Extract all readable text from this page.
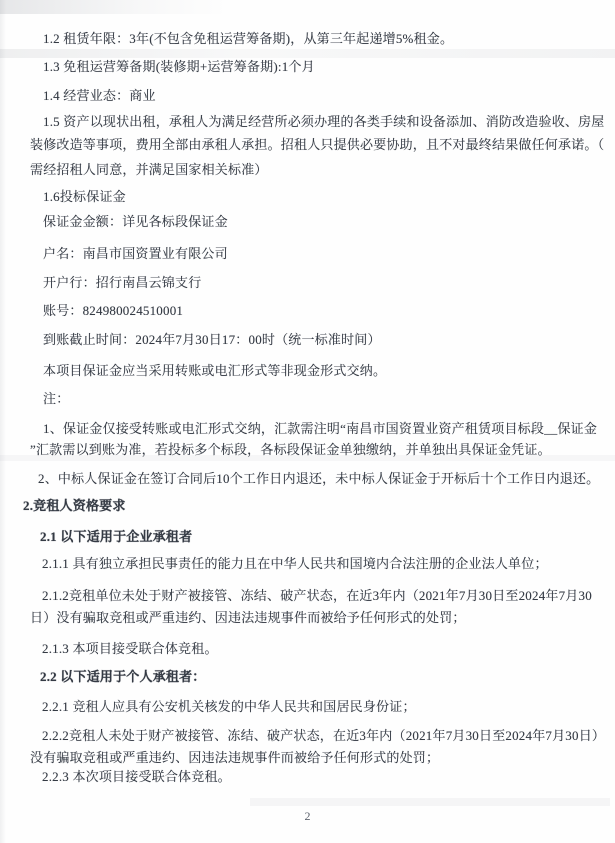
1.2 租赁年限：3年(不包含免租运营筹备期)，从第三年起递增5%租金。
1.3 免租运营筹备期(装修期+运营筹备期):1个月
1.4 经营业态：商业
1.5 资产以现状出租，承租人为满足经营所必须办理的各类手续和设备添加、消防改造验收、房屋
装修改造等事项，费用全部由承租人承担。招租人只提供必要协助，且不对最终结果做任何承诺。（
需经招租人同意，并满足国家相关标准）
1.6投标保证金
保证金金额：详见各标段保证金
户名：南昌市国资置业有限公司
开户行：招行南昌云锦支行
账号：824980024510001
到账截止时间：2024年7月30日17：00时（统一标准时间）
本项目保证金应当采用转账或电汇形式等非现金形式交纳。
注：
1、保证金仅接受转账或电汇形式交纳，汇款需注明“南昌市国资置业资产租赁项目标段__保证金
”汇款需以到账为准，若投标多个标段，各标段保证金单独缴纳，并单独出具保证金凭证。
2、中标人保证金在签订合同后10个工作日内退还，未中标人保证金于开标后十个工作日内退还。
2.竞租人资格要求
2.1 以下适用于企业承租者
2.1.1 具有独立承担民事责任的能力且在中华人民共和国境内合法注册的企业法人单位；
2.1.2竞租单位未处于财产被接管、冻结、破产状态，在近3年内（2021年7月30日至2024年7月30
日）没有骗取竞租或严重违约、因违法违规事件而被给予任何形式的处罚；
2.1.3 本项目接受联合体竞租。
2.2 以下适用于个人承租者：
2.2.1 竞租人应具有公安机关核发的中华人民共和国居民身份证；
2.2.2竞租人未处于财产被接管、冻结、破产状态，在近3年内（2021年7月30日至2024年7月30日）
没有骗取竞租或严重违约、因违法违规事件而被给予任何形式的处罚；
2.2.3 本次项目接受联合体竞租。
2
